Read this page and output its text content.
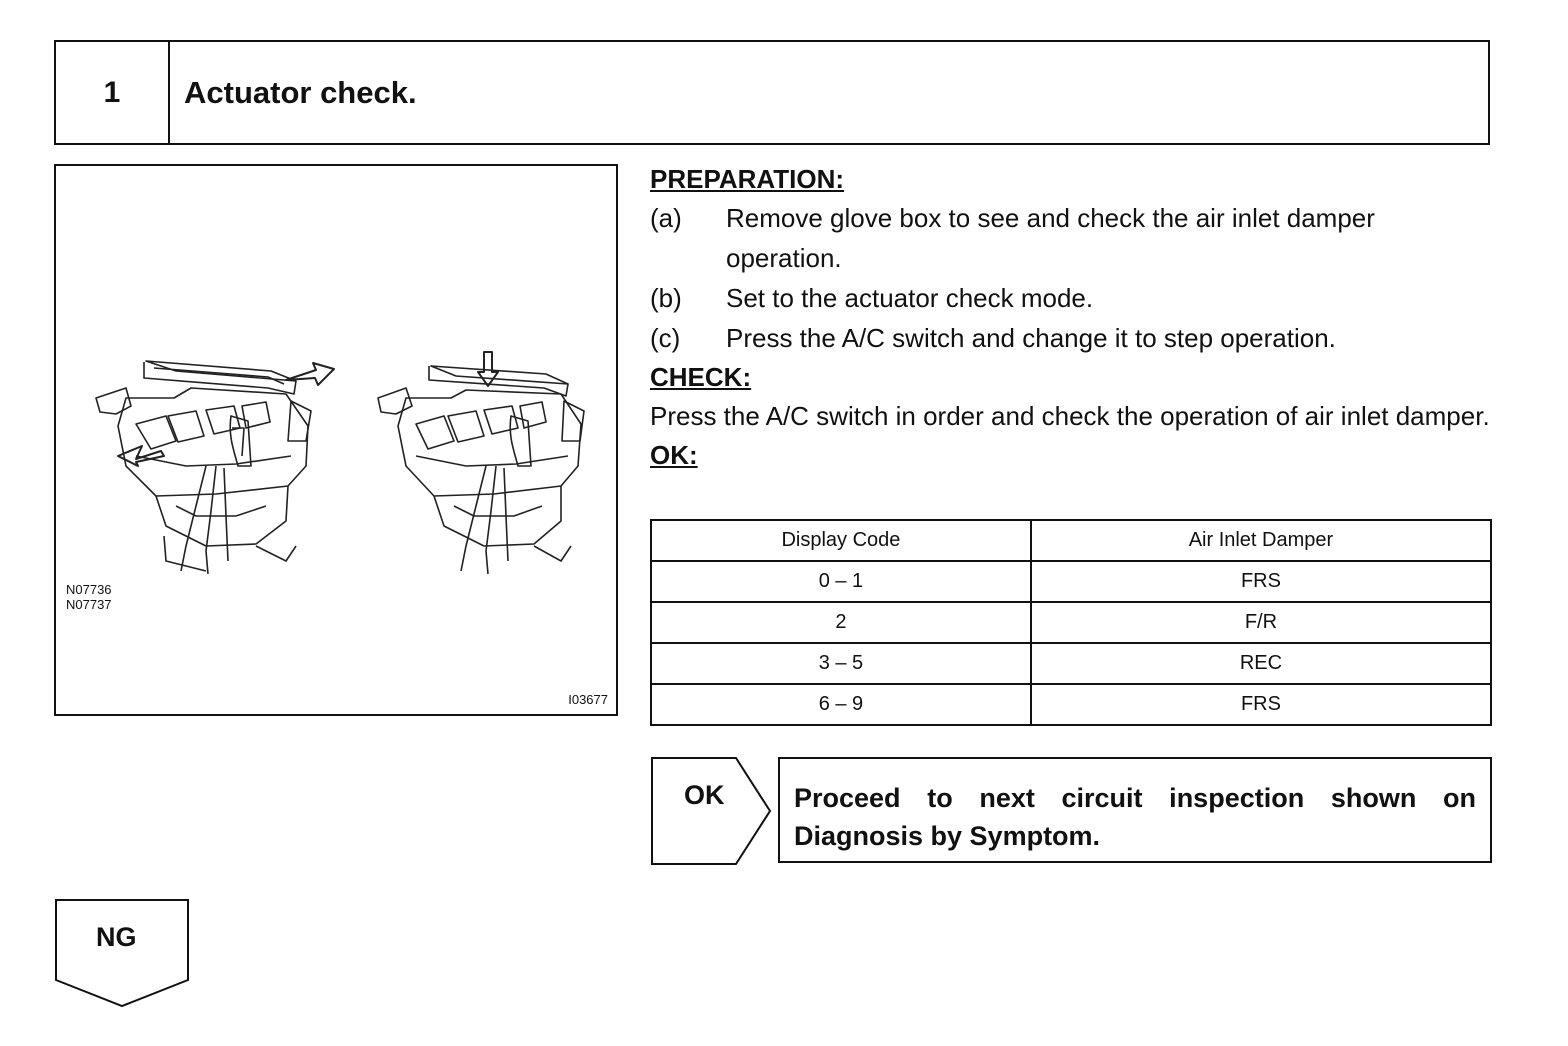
1	Actuator check.
N07736
N07737
I03677
PREPARATION:
(a)	Remove glove box to see and check the air inlet damper operation.
(b)	Set to the actuator check mode.
(c)	Press the A/C switch and change it to step operation.
CHECK:
Press the A/C switch in order and check the operation of air inlet damper.
OK:
Display Code	Air Inlet Damper
0 – 1	FRS
2	F/R
3 – 5	REC
6 – 9	FRS
OK	Proceed to next circuit inspection shown on Diagnosis by Symptom.
NG
